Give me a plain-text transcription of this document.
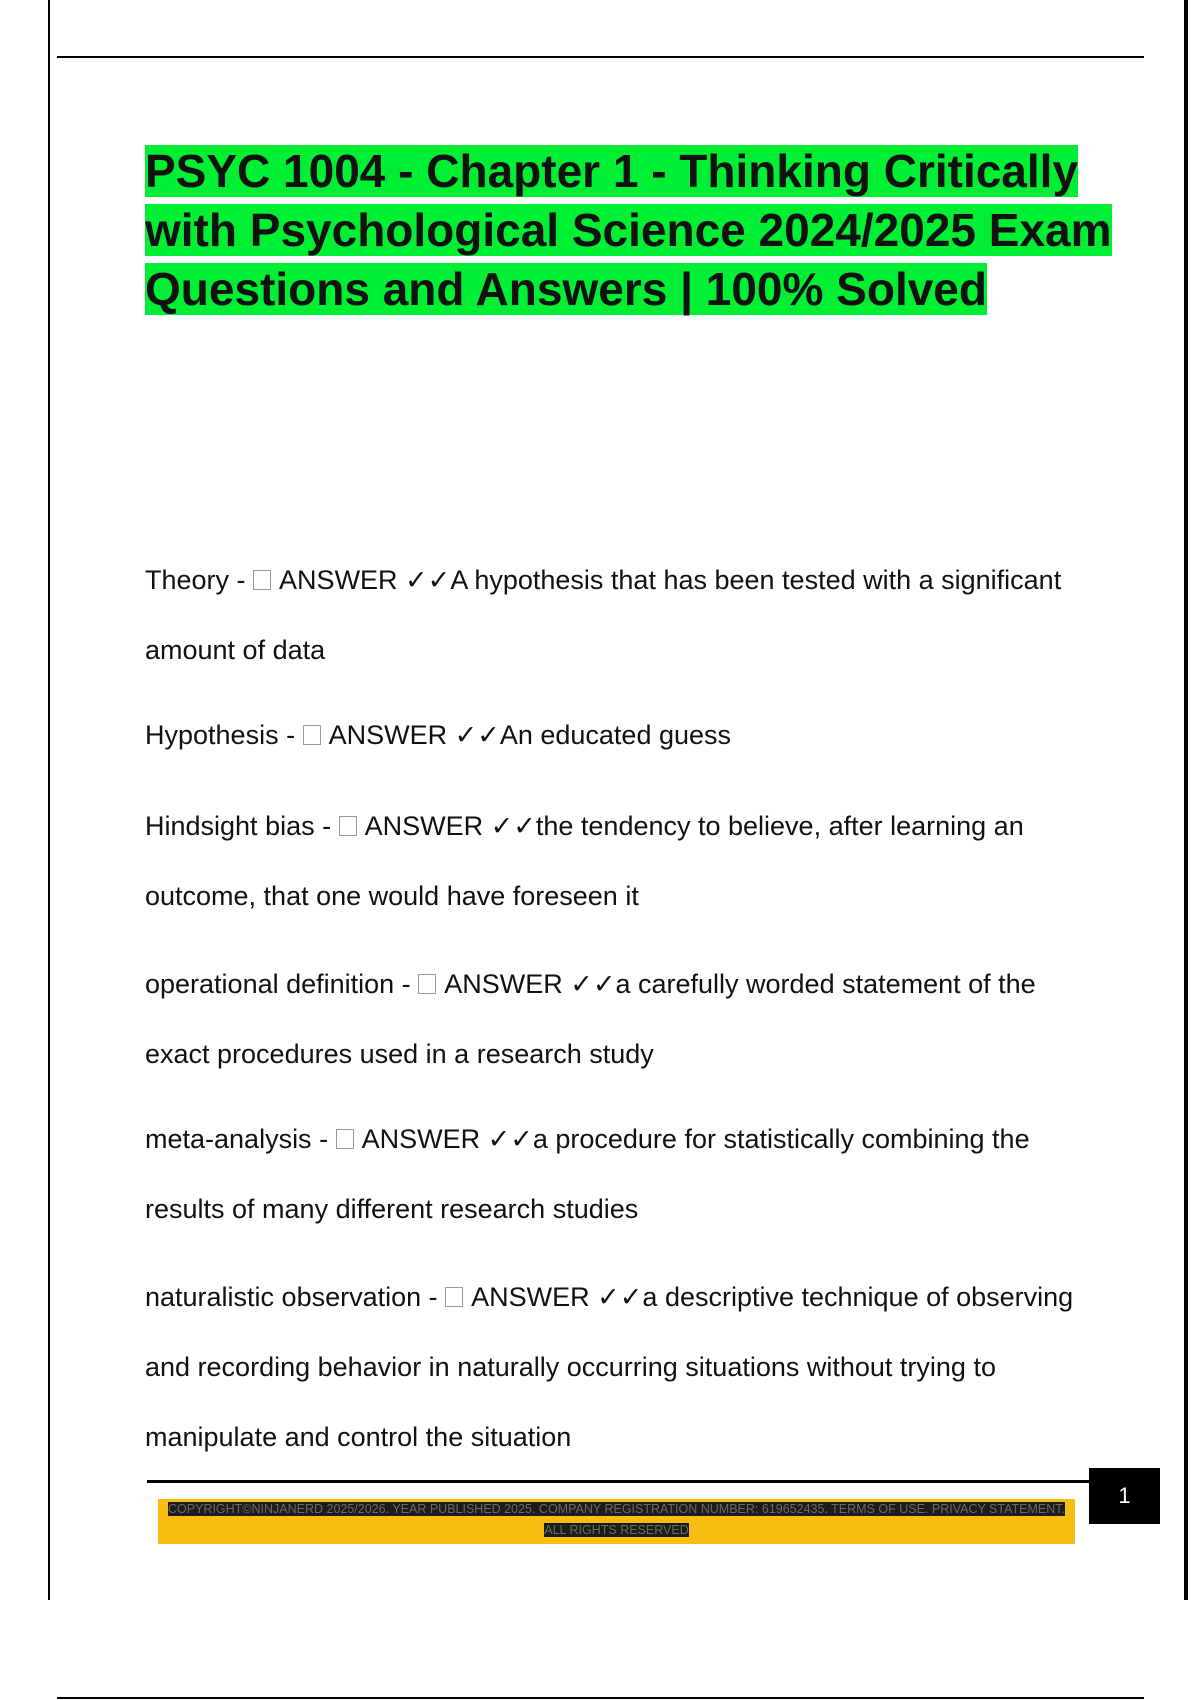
PSYC 1004 - Chapter 1 - Thinking Critically with Psychological Science 2024/2025 Exam Questions and Answers | 100% Solved

Theory -  ANSWER ✓✓A hypothesis that has been tested with a significant amount of data

Hypothesis -  ANSWER ✓✓An educated guess

Hindsight bias -  ANSWER ✓✓the tendency to believe, after learning an outcome, that one would have foreseen it

operational definition -  ANSWER ✓✓a carefully worded statement of the exact procedures used in a research study

meta-analysis -  ANSWER ✓✓a procedure for statistically combining the results of many different research studies

naturalistic observation -  ANSWER ✓✓a descriptive technique of observing and recording behavior in naturally occurring situations without trying to manipulate and control the situation

1
COPYRIGHT©NINJANERD 2025/2026. YEAR PUBLISHED 2025. COMPANY REGISTRATION NUMBER: 619652435. TERMS OF USE. PRIVACY STATEMENT. ALL RIGHTS RESERVED
